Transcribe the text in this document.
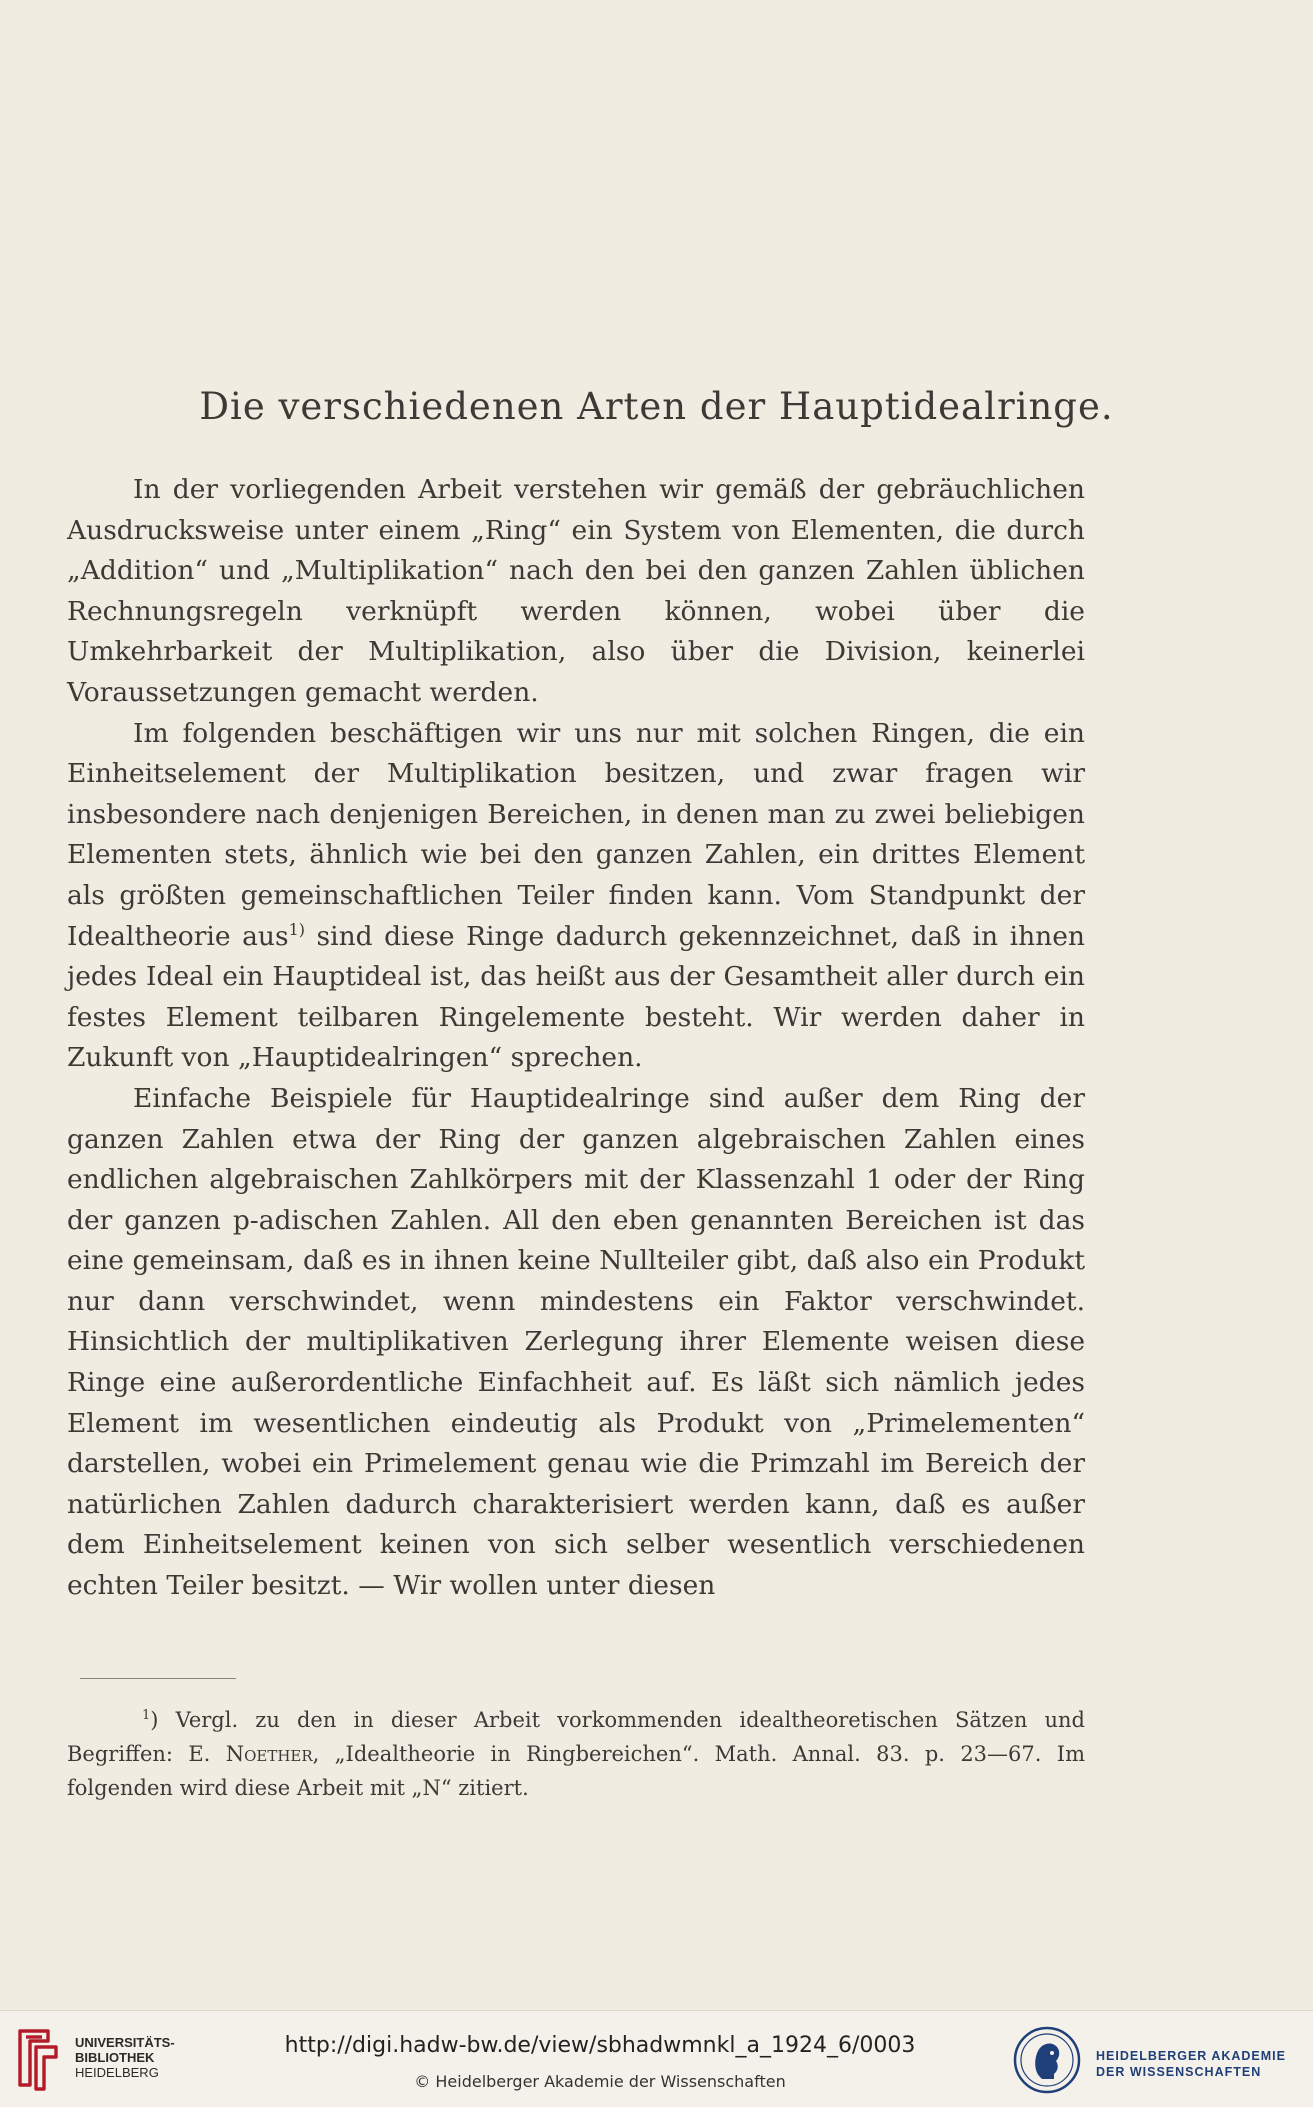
Die verschiedenen Arten der Hauptidealringe.

In der vorliegenden Arbeit verstehen wir gemäß der gebräuchlichen Ausdrucksweise unter einem „Ring“ ein System von Elementen, die durch „Addition“ und „Multiplikation“ nach den bei den ganzen Zahlen üblichen Rechnungsregeln verknüpft werden können, wobei über die Umkehrbarkeit der Multiplikation, also über die Division, keinerlei Voraussetzungen gemacht werden.

Im folgenden beschäftigen wir uns nur mit solchen Ringen, die ein Einheitselement der Multiplikation besitzen, und zwar fragen wir insbesondere nach denjenigen Bereichen, in denen man zu zwei beliebigen Elementen stets, ähnlich wie bei den ganzen Zahlen, ein drittes Element als größten gemeinschaftlichen Teiler finden kann. Vom Standpunkt der Idealtheorie aus$^{1)}$ sind diese Ringe dadurch gekennzeichnet, daß in ihnen jedes Ideal ein Hauptideal ist, das heißt aus der Gesamtheit aller durch ein festes Element teilbaren Ringelemente besteht. Wir werden daher in Zukunft von „Hauptidealringen“ sprechen.

Einfache Beispiele für Hauptidealringe sind außer dem Ring der ganzen Zahlen etwa der Ring der ganzen algebraischen Zahlen eines endlichen algebraischen Zahlkörpers mit der Klassenzahl 1 oder der Ring der ganzen p-adischen Zahlen. All den eben genannten Bereichen ist das eine gemeinsam, daß es in ihnen keine Nullteiler gibt, daß also ein Produkt nur dann verschwindet, wenn mindestens ein Faktor verschwindet. Hinsichtlich der multiplikativen Zerlegung ihrer Elemente weisen diese Ringe eine außerordentliche Einfachheit auf. Es läßt sich nämlich jedes Element im wesentlichen eindeutig als Produkt von „Primelementen“ darstellen, wobei ein Primelement genau wie die Primzahl im Bereich der natürlichen Zahlen dadurch charakterisiert werden kann, daß es außer dem Einheitselement keinen von sich selber wesentlich verschiedenen echten Teiler besitzt. — Wir wollen unter diesen

$^1$) Vergl. zu den in dieser Arbeit vorkommenden idealtheoretischen Sätzen und Begriffen: E. Noether, „Idealtheorie in Ringbereichen“. Math. Annal. 83. p. 23—67. Im folgenden wird diese Arbeit mit „N“ zitiert.

UNIVERSITÄTS-
BIBLIOTHEK
HEIDELBERG
http://digi.hadw-bw.de/view/sbhadwmnkl_a_1924_6/0003
© Heidelberger Akademie der Wissenschaften
HEIDELBERGER AKADEMIE
DER WISSENSCHAFTEN
